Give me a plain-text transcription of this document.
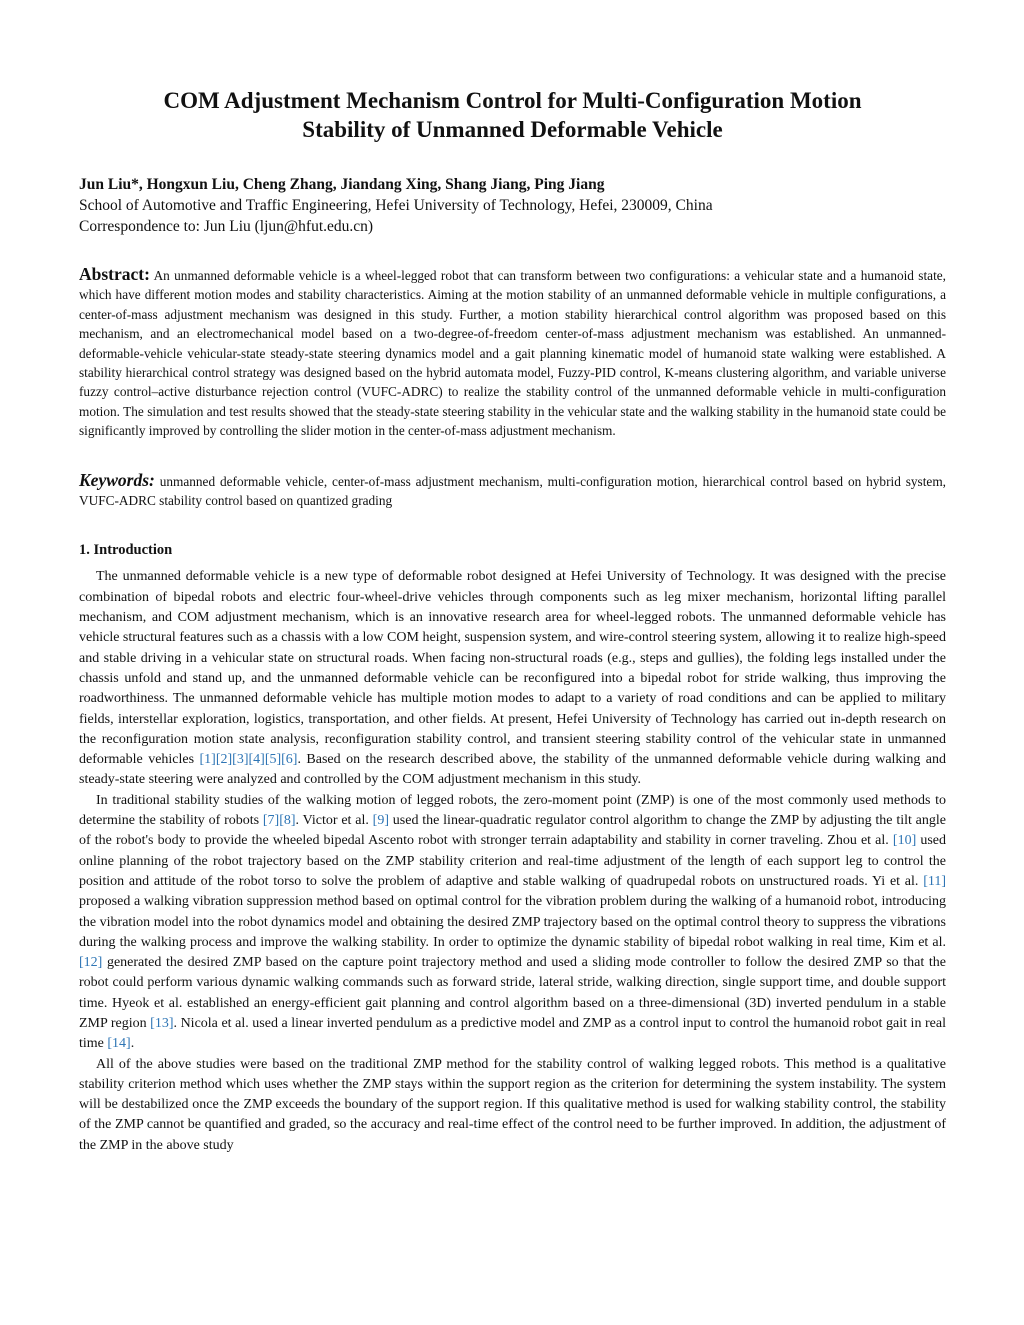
COM Adjustment Mechanism Control for Multi-Configuration Motion
Stability of Unmanned Deformable Vehicle
Jun Liu*, Hongxun Liu, Cheng Zhang, Jiandang Xing, Shang Jiang, Ping Jiang
School of Automotive and Traffic Engineering, Hefei University of Technology, Hefei, 230009, China
Correspondence to: Jun Liu (ljun@hfut.edu.cn)

Abstract: An unmanned deformable vehicle is a wheel-legged robot that can transform between two configurations: a vehicular state and a humanoid state, which have different motion modes and stability characteristics. Aiming at the motion stability of an unmanned deformable vehicle in multiple configurations, a center-of-mass adjustment mechanism was designed in this study. Further, a motion stability hierarchical control algorithm was proposed based on this mechanism, and an electromechanical model based on a two-degree-of-freedom center-of-mass adjustment mechanism was established. An unmanned-deformable-vehicle vehicular-state steady-state steering dynamics model and a gait planning kinematic model of humanoid state walking were established. A stability hierarchical control strategy was designed based on the hybrid automata model, Fuzzy-PID control, K-means clustering algorithm, and variable universe fuzzy control–active disturbance rejection control (VUFC-ADRC) to realize the stability control of the unmanned deformable vehicle in multi-configuration motion. The simulation and test results showed that the steady-state steering stability in the vehicular state and the walking stability in the humanoid state could be significantly improved by controlling the slider motion in the center-of-mass adjustment mechanism.

Keywords: unmanned deformable vehicle, center-of-mass adjustment mechanism, multi-configuration motion, hierarchical control based on hybrid system, VUFC-ADRC stability control based on quantized grading

1. Introduction

The unmanned deformable vehicle is a new type of deformable robot designed at Hefei University of Technology. It was designed with the precise combination of bipedal robots and electric four-wheel-drive vehicles through components such as leg mixer mechanism, horizontal lifting parallel mechanism, and COM adjustment mechanism, which is an innovative research area for wheel-legged robots. The unmanned deformable vehicle has vehicle structural features such as a chassis with a low COM height, suspension system, and wire-control steering system, allowing it to realize high-speed and stable driving in a vehicular state on structural roads. When facing non-structural roads (e.g., steps and gullies), the folding legs installed under the chassis unfold and stand up, and the unmanned deformable vehicle can be reconfigured into a bipedal robot for stride walking, thus improving the roadworthiness. The unmanned deformable vehicle has multiple motion modes to adapt to a variety of road conditions and can be applied to military fields, interstellar exploration, logistics, transportation, and other fields. At present, Hefei University of Technology has carried out in-depth research on the reconfiguration motion state analysis, reconfiguration stability control, and transient steering stability control of the vehicular state in unmanned deformable vehicles [1][2][3][4][5][6]. Based on the research described above, the stability of the unmanned deformable vehicle during walking and steady-state steering were analyzed and controlled by the COM adjustment mechanism in this study.

In traditional stability studies of the walking motion of legged robots, the zero-moment point (ZMP) is one of the most commonly used methods to determine the stability of robots [7][8]. Victor et al. [9] used the linear-quadratic regulator control algorithm to change the ZMP by adjusting the tilt angle of the robot's body to provide the wheeled bipedal Ascento robot with stronger terrain adaptability and stability in corner traveling. Zhou et al. [10] used online planning of the robot trajectory based on the ZMP stability criterion and real-time adjustment of the length of each support leg to control the position and attitude of the robot torso to solve the problem of adaptive and stable walking of quadrupedal robots on unstructured roads. Yi et al. [11] proposed a walking vibration suppression method based on optimal control for the vibration problem during the walking of a humanoid robot, introducing the vibration model into the robot dynamics model and obtaining the desired ZMP trajectory based on the optimal control theory to suppress the vibrations during the walking process and improve the walking stability. In order to optimize the dynamic stability of bipedal robot walking in real time, Kim et al. [12] generated the desired ZMP based on the capture point trajectory method and used a sliding mode controller to follow the desired ZMP so that the robot could perform various dynamic walking commands such as forward stride, lateral stride, walking direction, single support time, and double support time. Hyeok et al. established an energy-efficient gait planning and control algorithm based on a three-dimensional (3D) inverted pendulum in a stable ZMP region [13]. Nicola et al. used a linear inverted pendulum as a predictive model and ZMP as a control input to control the humanoid robot gait in real time [14].

All of the above studies were based on the traditional ZMP method for the stability control of walking legged robots. This method is a qualitative stability criterion method which uses whether the ZMP stays within the support region as the criterion for determining the system instability. The system will be destabilized once the ZMP exceeds the boundary of the support region. If this qualitative method is used for walking stability control, the stability of the ZMP cannot be quantified and graded, so the accuracy and real-time effect of the control need to be further improved. In addition, the adjustment of the ZMP in the above study
